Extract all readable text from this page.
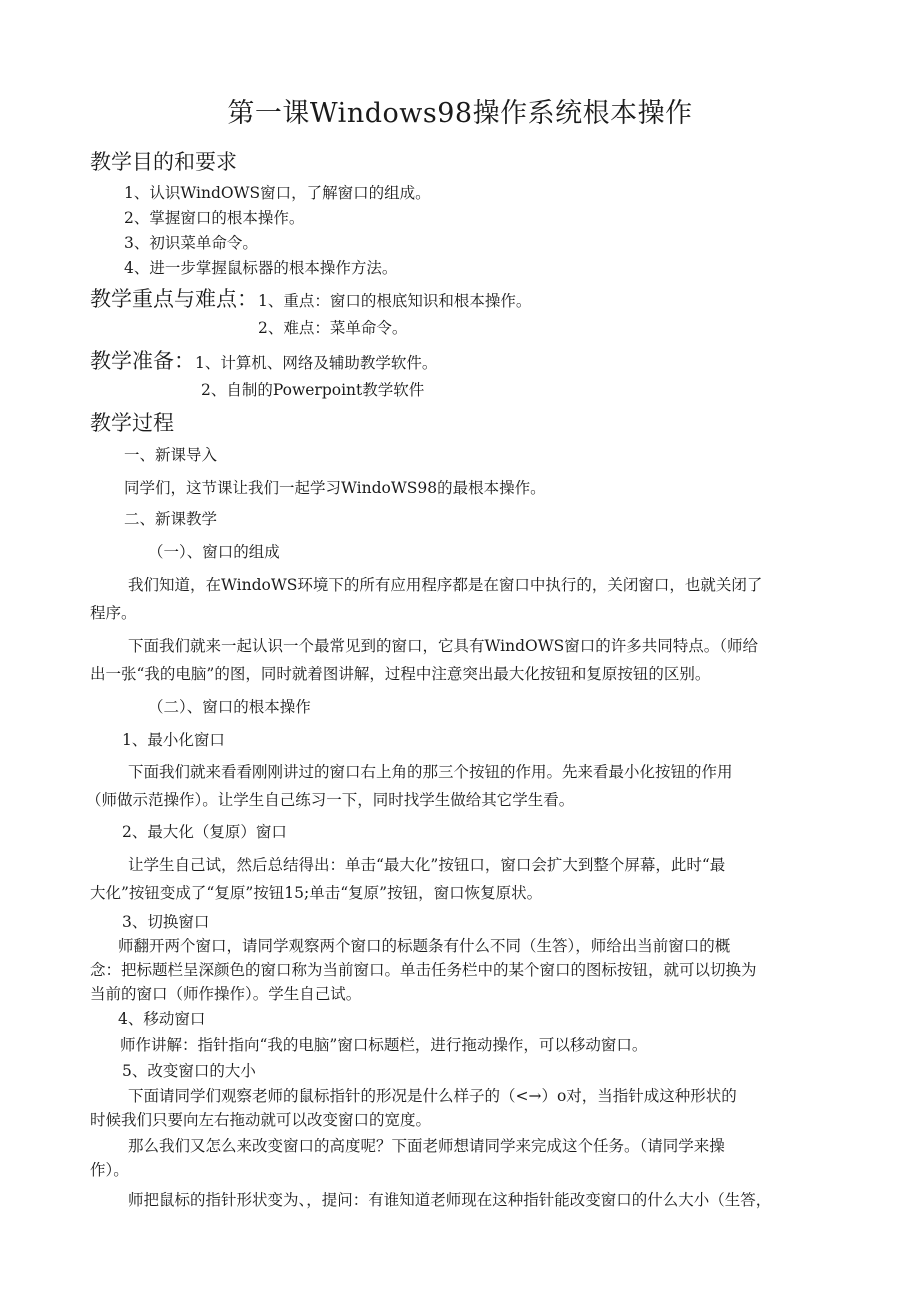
第一课Windows98操作系统根本操作
教学目的和要求
1、认识WindOWS窗口，了解窗口的组成。
2、掌握窗口的根本操作。
3、初识菜单命令。
4、进一步掌握鼠标器的根本操作方法。
教学重点与难点：1、重点：窗口的根底知识和根本操作。
2、难点：菜单命令。
教学准备：1、计算机、网络及辅助教学软件。
2、自制的Powerpoint教学软件
教学过程
一、新课导入
同学们，这节课让我们一起学习WindoWS98的最根本操作。
二、新课教学
（一）、窗口的组成
我们知道，在WindoWS环境下的所有应用程序都是在窗口中执行的，关闭窗口，也就关闭了
程序。
下面我们就来一起认识一个最常见到的窗口，它具有WindOWS窗口的许多共同特点。（师给
出一张“我的电脑”的图，同时就着图讲解，过程中注意突出最大化按钮和复原按钮的区别。
（二）、窗口的根本操作
1、最小化窗口
下面我们就来看看刚刚讲过的窗口右上角的那三个按钮的作用。先来看最小化按钮的作用
（师做示范操作）。让学生自己练习一下，同时找学生做给其它学生看。
2、最大化（复原）窗口
让学生自己试，然后总结得出：单击“最大化”按钮口，窗口会扩大到整个屏幕，此时“最
大化”按钮变成了“复原”按钮15;单击“复原”按钮，窗口恢复原状。
3、切换窗口
师翻开两个窗口，请同学观察两个窗口的标题条有什么不同（生答），师给出当前窗口的概
念：把标题栏呈深颜色的窗口称为当前窗口。单击任务栏中的某个窗口的图标按钮，就可以切换为
当前的窗口（师作操作）。学生自己试。
4、移动窗口
师作讲解：指针指向“我的电脑”窗口标题栏，进行拖动操作，可以移动窗口。
5、改变窗口的大小
下面请同学们观察老师的鼠标指针的形况是什么样子的（<→）o对，当指针成这种形状的
时候我们只要向左右拖动就可以改变窗口的宽度。
那么我们又怎么来改变窗口的高度呢？下面老师想请同学来完成这个任务。（请同学来操
作）。
师把鼠标的指针形状变为、，提问：有谁知道老师现在这种指针能改变窗口的什么大小（生答，
